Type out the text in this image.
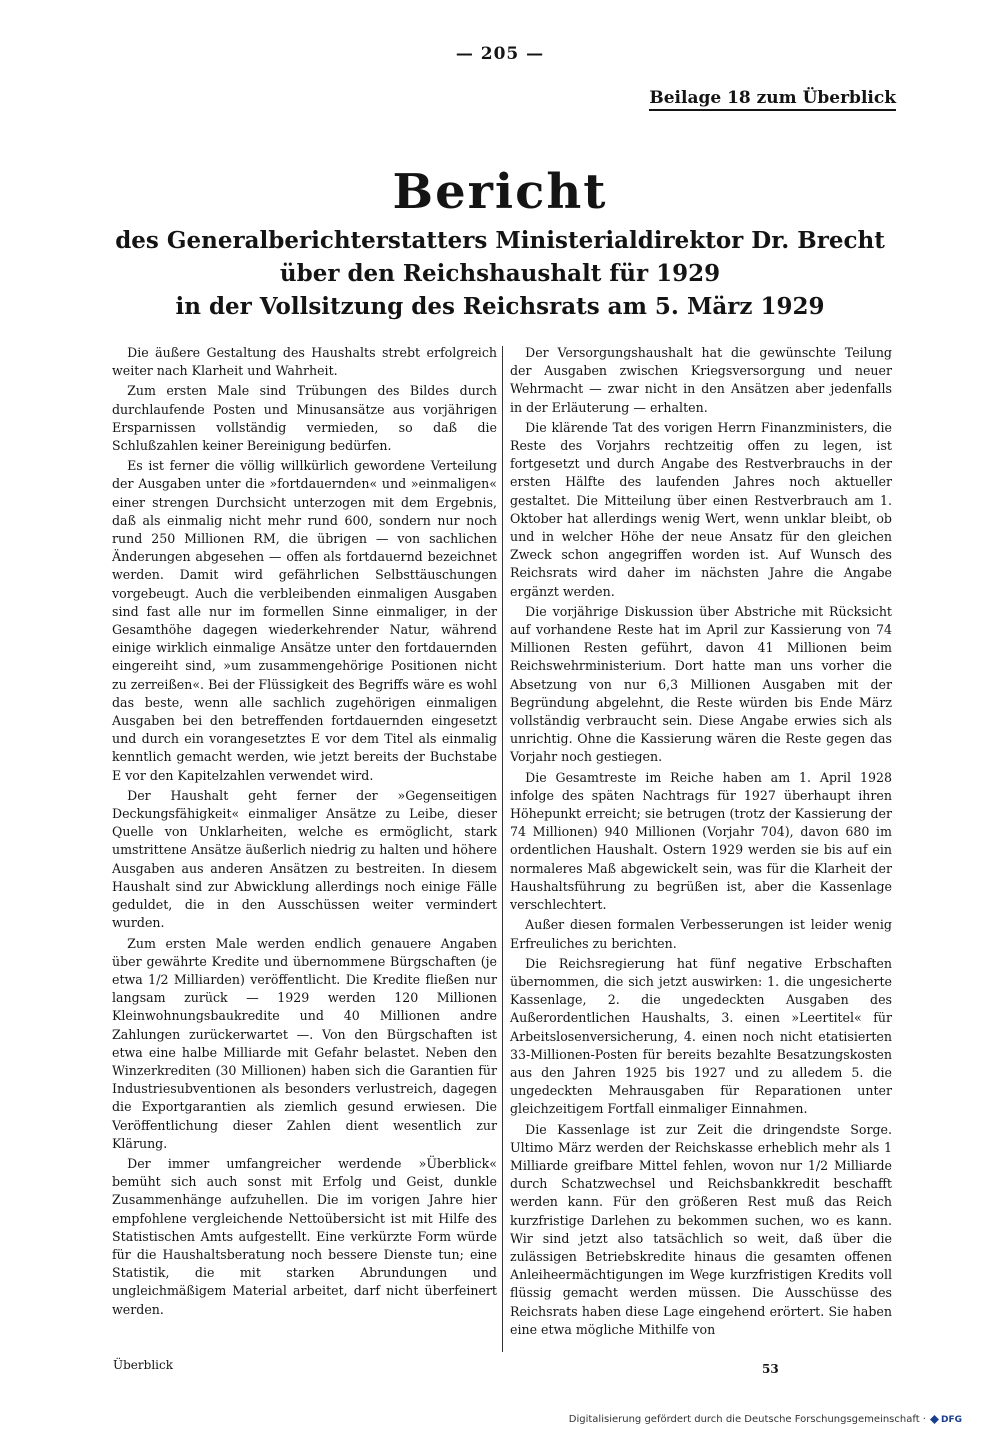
— 205 —
Beilage 18 zum Überblick
Bericht

des Generalberichterstatters Ministerialdirektor Dr. Brecht

über den Reichshaushalt für 1929

in der Vollsitzung des Reichsrats am 5. März 1929

Die äußere Gestaltung des Haushalts strebt erfolgreich weiter nach Klarheit und Wahrheit.

Zum ersten Male sind Trübungen des Bildes durch durchlaufende Posten und Minusansätze aus vorjährigen Ersparnissen vollständig vermieden, so daß die Schlußzahlen keiner Bereinigung bedürfen.

Es ist ferner die völlig willkürlich gewordene Verteilung der Ausgaben unter die »fortdauernden« und »einmaligen« einer strengen Durchsicht unterzogen mit dem Ergebnis, daß als einmalig nicht mehr rund 600, sondern nur noch rund 250 Millionen RM, die übrigen — von sachlichen Änderungen abgesehen — offen als fortdauernd bezeichnet werden. Damit wird gefährlichen Selbsttäuschungen vorgebeugt. Auch die verbleibenden einmaligen Ausgaben sind fast alle nur im formellen Sinne einmaliger, in der Gesamthöhe dagegen wiederkehrender Natur, während einige wirklich einmalige Ansätze unter den fortdauernden eingereiht sind, »um zusammengehörige Positionen nicht zu zerreißen«. Bei der Flüssigkeit des Begriffs wäre es wohl das beste, wenn alle sachlich zugehörigen einmaligen Ausgaben bei den betreffenden fortdauernden eingesetzt und durch ein vorangesetztes E vor dem Titel als einmalig kenntlich gemacht werden, wie jetzt bereits der Buchstabe E vor den Kapitelzahlen verwendet wird.

Der Haushalt geht ferner der »Gegenseitigen Deckungsfähigkeit« einmaliger Ansätze zu Leibe, dieser Quelle von Unklarheiten, welche es ermöglicht, stark umstrittene Ansätze äußerlich niedrig zu halten und höhere Ausgaben aus anderen Ansätzen zu bestreiten. In diesem Haushalt sind zur Abwicklung allerdings noch einige Fälle geduldet, die in den Ausschüssen weiter vermindert wurden.

Zum ersten Male werden endlich genauere Angaben über gewährte Kredite und übernommene Bürgschaften (je etwa 1/2 Milliarden) veröffentlicht. Die Kredite fließen nur langsam zurück — 1929 werden 120 Millionen Kleinwohnungsbaukredite und 40 Millionen andre Zahlungen zurückerwartet —. Von den Bürgschaften ist etwa eine halbe Milliarde mit Gefahr belastet. Neben den Winzerkrediten (30 Millionen) haben sich die Garantien für Industriesubventionen als besonders verlustreich, dagegen die Exportgarantien als ziemlich gesund erwiesen. Die Veröffentlichung dieser Zahlen dient wesentlich zur Klärung.

Der immer umfangreicher werdende »Überblick« bemüht sich auch sonst mit Erfolg und Geist, dunkle Zusammenhänge aufzuhellen. Die im vorigen Jahre hier empfohlene vergleichende Nettoübersicht ist mit Hilfe des Statistischen Amts aufgestellt. Eine verkürzte Form würde für die Haushaltsberatung noch bessere Dienste tun; eine Statistik, die mit starken Abrundungen und ungleichmäßigem Material arbeitet, darf nicht überfeinert werden.

Der Versorgungshaushalt hat die gewünschte Teilung der Ausgaben zwischen Kriegsversorgung und neuer Wehrmacht — zwar nicht in den Ansätzen aber jedenfalls in der Erläuterung — erhalten.

Die klärende Tat des vorigen Herrn Finanzministers, die Reste des Vorjahrs rechtzeitig offen zu legen, ist fortgesetzt und durch Angabe des Restverbrauchs in der ersten Hälfte des laufenden Jahres noch aktueller gestaltet. Die Mitteilung über einen Restverbrauch am 1. Oktober hat allerdings wenig Wert, wenn unklar bleibt, ob und in welcher Höhe der neue Ansatz für den gleichen Zweck schon angegriffen worden ist. Auf Wunsch des Reichsrats wird daher im nächsten Jahre die Angabe ergänzt werden.

Die vorjährige Diskussion über Abstriche mit Rücksicht auf vorhandene Reste hat im April zur Kassierung von 74 Millionen Resten geführt, davon 41 Millionen beim Reichswehrministerium. Dort hatte man uns vorher die Absetzung von nur 6,3 Millionen Ausgaben mit der Begründung abgelehnt, die Reste würden bis Ende März vollständig verbraucht sein. Diese Angabe erwies sich als unrichtig. Ohne die Kassierung wären die Reste gegen das Vorjahr noch gestiegen.

Die Gesamtreste im Reiche haben am 1. April 1928 infolge des späten Nachtrags für 1927 überhaupt ihren Höhepunkt erreicht; sie betrugen (trotz der Kassierung der 74 Millionen) 940 Millionen (Vorjahr 704), davon 680 im ordentlichen Haushalt. Ostern 1929 werden sie bis auf ein normaleres Maß abgewickelt sein, was für die Klarheit der Haushaltsführung zu begrüßen ist, aber die Kassenlage verschlechtert.

Außer diesen formalen Verbesserungen ist leider wenig Erfreuliches zu berichten.

Die Reichsregierung hat fünf negative Erbschaften übernommen, die sich jetzt auswirken: 1. die ungesicherte Kassenlage, 2. die ungedeckten Ausgaben des Außerordentlichen Haushalts, 3. einen »Leertitel« für Arbeitslosenversicherung, 4. einen noch nicht etatisierten 33-Millionen-Posten für bereits bezahlte Besatzungskosten aus den Jahren 1925 bis 1927 und zu alledem 5. die ungedeckten Mehrausgaben für Reparationen unter gleichzeitigem Fortfall einmaliger Einnahmen.

Die Kassenlage ist zur Zeit die dringendste Sorge. Ultimo März werden der Reichskasse erheblich mehr als 1 Milliarde greifbare Mittel fehlen, wovon nur 1/2 Milliarde durch Schatzwechsel und Reichsbankkredit beschafft werden kann. Für den größeren Rest muß das Reich kurzfristige Darlehen zu bekommen suchen, wo es kann. Wir sind jetzt also tatsächlich so weit, daß über die zulässigen Betriebskredite hinaus die gesamten offenen Anleiheermächtigungen im Wege kurzfristigen Kredits voll flüssig gemacht werden müssen. Die Ausschüsse des Reichsrats haben diese Lage eingehend erörtert. Sie haben eine etwa mögliche Mithilfe von

Überblick	53
Digitalisierung gefördert durch die Deutsche Forschungsgemeinschaft · DFG
